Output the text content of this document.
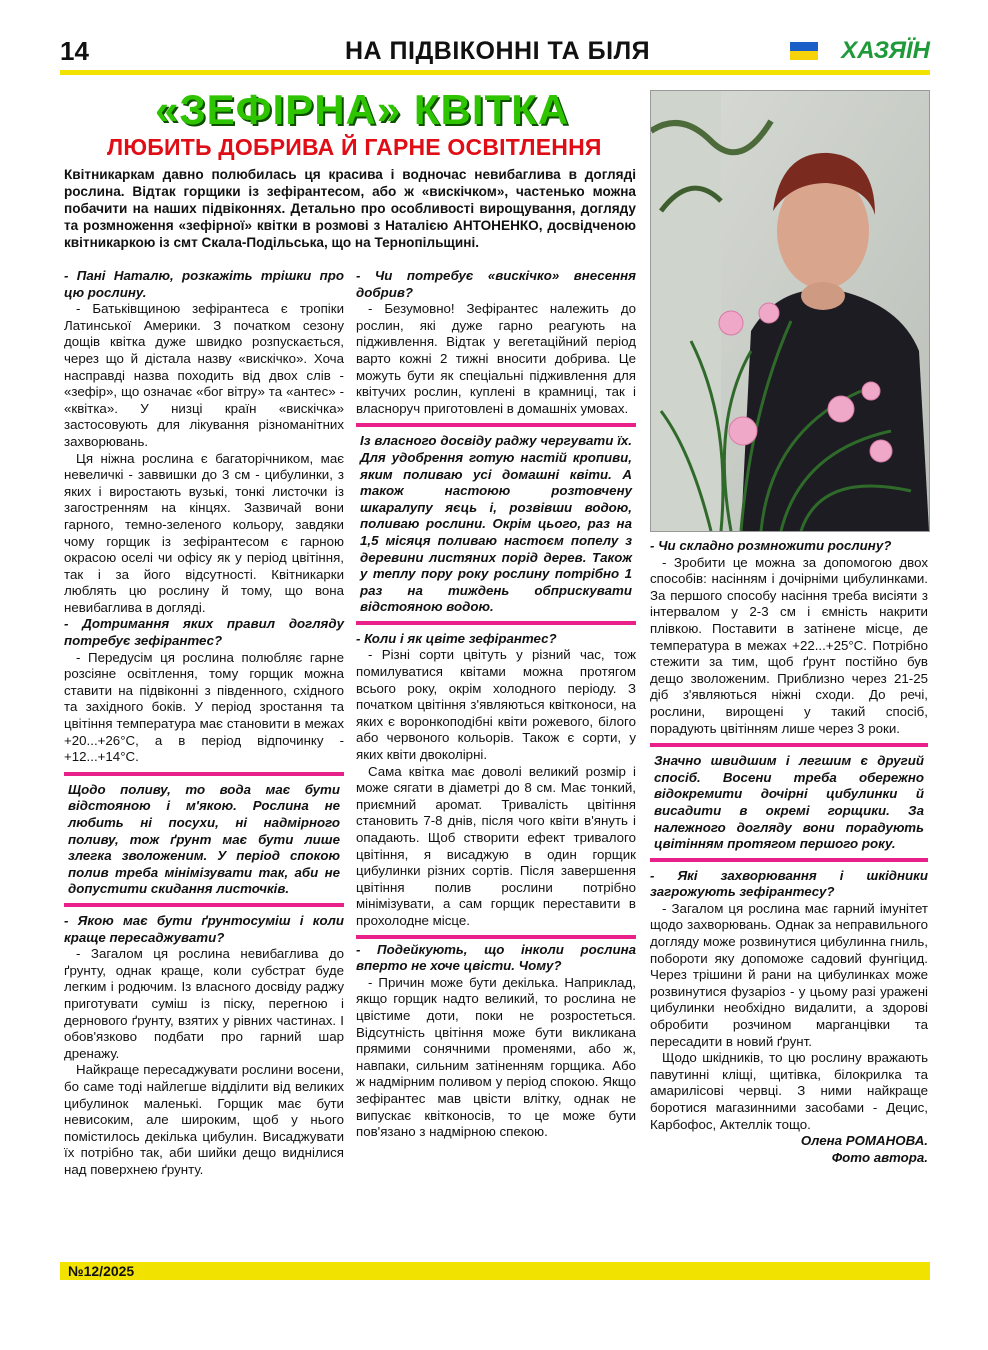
14	НА ПІДВІКОННІ ТА БІЛЯ	ХАЗЯЇН
«ЗЕФІРНА» КВІТКА
ЛЮБИТЬ ДОБРИВА Й ГАРНЕ ОСВІТЛЕННЯ
Квітникаркам давно полюбилась ця красива і водночас невибаглива в догляді рослина. Відтак горщики із зефірантесом, або ж «вискічком», частенько можна побачити на наших підвіконнях. Детально про особливості вирощування, догляду та розмноження «зефірної» квітки в розмові з Наталією АНТОНЕНКО, досвідченою квітникаркою із смт Скала-Подільська, що на Тернопільщині.

- Пані Наталю, розкажіть трішки про цю рослину.

- Батьківщиною зефірантеса є тропіки Латинської Америки. З початком сезону дощів квітка дуже швидко розпускається, через що й дістала назву «вискічко». Хоча насправді назва походить від двох слів - «зефір», що означає «бог вітру» та «антес» - «квітка». У низці країн «вискічка» застосовують для лікування різноманітних захворювань.

Ця ніжна рослина є багаторічником, має невеличкі - заввишки до 3 см - цибулинки, з яких і виростають вузькі, тонкі листочки із загостренням на кінцях. Зазвичай вони гарного, темно-зеленого кольору, завдяки чому горщик із зефірантесом є гарною окрасою оселі чи офісу як у період цвітіння, так і за його відсутності. Квітникарки люблять цю рослину й тому, що вона невибаглива в догляді.

- Дотримання яких правил догляду потребує зефірантес?

- Передусім ця рослина полюбляє гарне розсіяне освітлення, тому горщик можна ставити на підвіконні з південного, східного та західного боків. У період зростання та цвітіння температура має становити в межах +20...+26°С, а в період відпочинку - +12...+14°С.

Щодо поливу, то вода має бути відстояною і м'якою. Рослина не любить ні посухи, ні надмірного поливу, тож ґрунт має бути лише злегка зволоженим. У період спокою полив треба мінімізувати так, аби не допустити скидання листочків.

- Якою має бути ґрунтосуміш і коли краще пересаджувати?

- Загалом ця рослина невибаглива до ґрунту, однак краще, коли субстрат буде легким і родючим. Із власного досвіду раджу приготувати суміш із піску, перегною і дернового ґрунту, взятих у рівних частинах. І обов'язково подбати про гарний шар дренажу.

Найкраще пересаджувати рослини восени, бо саме тоді найлегше відділити від великих цибулинок маленькі. Горщик має бути невисоким, але широким, щоб у нього поміcтилось декілька цибулин. Висаджувати їх потрібно так, аби шийки дещо виднілися над поверхнею ґрунту.

- Чи потребує «вискічко» внесення добрив?

- Безумовно! Зефірантес належить до рослин, які дуже гарно реагують на підживлення. Відтак у вегетаційний період варто кожні 2 тижні вносити добрива. Це можуть бути як спеціальні підживлення для квітучих рослин, куплені в крамниці, так і власноруч приготовлені в домашніх умовах.

Із власного досвіду раджу чергувати їх. Для удобрення готую настій кропиви, яким поливаю усі домашні квіти. А також настоюю розтовчену шкаралупу яєць і, розвівши водою, поливаю рослини. Окрім цього, раз на 1,5 місяця поливаю настоєм попелу з деревини листяних порід дерев. Також у теплу пору року рослину потрібно 1 раз на тиждень обприскувати відстояною водою.

- Коли і як цвіте зефірантес?

- Різні сорти цвітуть у різний час, тож помилуватися квітами можна протягом всього року, окрім холодного періоду. З початком цвітіння з'являються квітконоси, на яких є воронкоподібні квіти рожевого, білого або червоного кольорів. Також є сорти, у яких квіти двоколірні.

Сама квітка має доволі великий розмір і може сягати в діаметрі до 8 см. Має тонкий, приємний аромат. Тривалість цвітіння становить 7-8 днів, після чого квіти в'януть і опадають. Щоб створити ефект тривалого цвітіння, я висаджую в один горщик цибулинки різних сортів. Після завершення цвітіння полив рослини потрібно мінімізувати, а сам горщик переставити в прохолодне місце.

- Подейкують, що інколи рослина вперто не хоче цвісти. Чому?

- Причин може бути декілька. Наприклад, якщо горщик надто великий, то рослина не цвістиме доти, поки не розростеться. Відсутність цвітіння може бути викликана прямими сонячними променями, або ж, навпаки, сильним затіненням горщика. Або ж надмірним поливом у період спокою. Якщо зефірантес мав цвісти влітку, однак не випускає квітконосів, то це може бути пов'язано з надмірною спекою.

- Чи складно розмножити рослину?

- Зробити це можна за допомогою двох способів: насінням і дочірніми цибулинками. За першого способу насіння треба висіяти з інтервалом у 2-3 см і ємність накрити плівкою. Поставити в затінене місце, де температура в межах +22...+25°С. Потрібно стежити за тим, щоб ґрунт постійно був дещо зволоженим. Приблизно через 21-25 діб з'являються ніжні сходи. До речі, рослини, вирощені у такий спосіб, порадують цвітінням лише через 3 роки.

Значно швидшим і легшим є другий спосіб. Восени треба обережно відокремити дочірні цибулинки й висадити в окремі горщики. За належного догляду вони порадують цвітінням протягом першого року.

- Які захворювання і шкідники загрожують зефірантесу?

- Загалом ця рослина має гарний імунітет щодо захворювань. Однак за неправильного догляду може розвинутися цибулинна гниль, побороти яку допоможе садовий фунгіцид. Через трішини й рани на цибулинках може розвинутися фузаріоз - у цьому разі уражені цибулинки необхідно видалити, а здорові обробити розчином марганцівки та пересадити в новий ґрунт.

Щодо шкідників, то цю рослину вражають павутинні кліщі, щитівка, білокрилка та амарилісові червці. З ними найкраще боротися магазинними засобами - Децис, Карбофос, Актеллік тощо.

Олена РОМАНОВА.

Фото автора.

№12/2025
